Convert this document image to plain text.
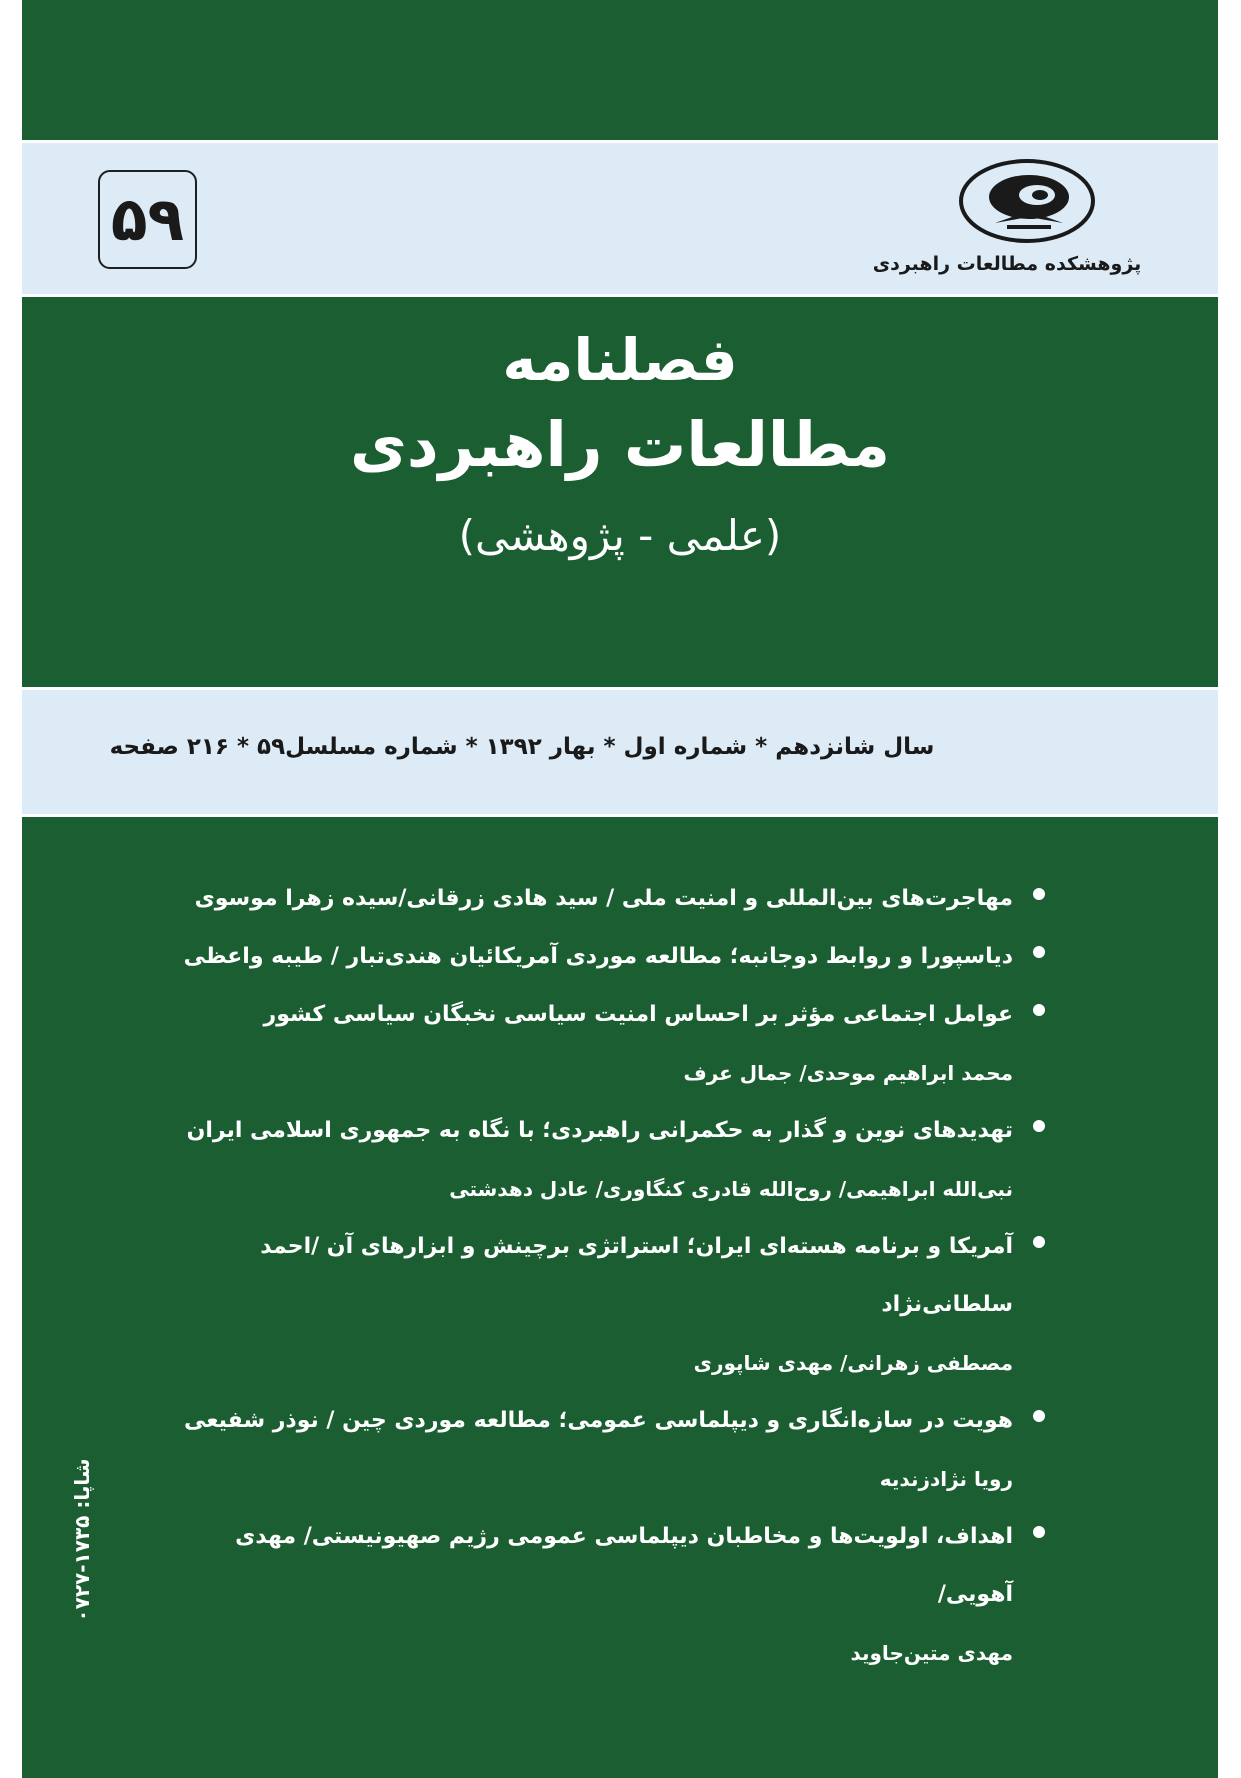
۵۹
پژوهشکده مطالعات راهبردی
فصلنامه
مطالعات راهبردی
(علمی - پژوهشی)
سال شانزدهم * شماره اول * بهار ۱۳۹۲ * شماره مسلسل۵۹ * ۲۱۶ صفحه
مهاجرت‌های بین‌المللی و امنیت ملی / سید هادی زرقانی/سیده زهرا موسوی
دیاسپورا و روابط دوجانبه؛ مطالعه موردی آمریکائیان هندی‌تبار / طیبه واعظی
عوامل اجتماعی مؤثر بر احساس امنیت سیاسی نخبگان سیاسی کشور
محمد ابراهیم موحدی/ جمال عرف
تهدیدهای نوین و گذار به حکمرانی راهبردی؛ با نگاه به جمهوری اسلامی ایران
نبی‌الله ابراهیمی/ روح‌الله قادری کنگاوری/ عادل دهدشتی
آمریکا و برنامه هسته‌ای ایران؛ استراتژی برچینش و ابزارهای آن /احمد سلطانی‌نژاد
مصطفی زهرانی/ مهدی شاپوری
هویت در سازه‌انگاری و دیپلماسی عمومی؛ مطالعه موردی چین / نوذر شفیعی
رویا نژادزندیه
اهداف، اولویت‌ها و مخاطبان دیپلماسی عمومی رژیم صهیونیستی/ مهدی آهویی/
مهدی متین‌جاوید
شاپا: ۱۷۳۵-۰۷۲۷
